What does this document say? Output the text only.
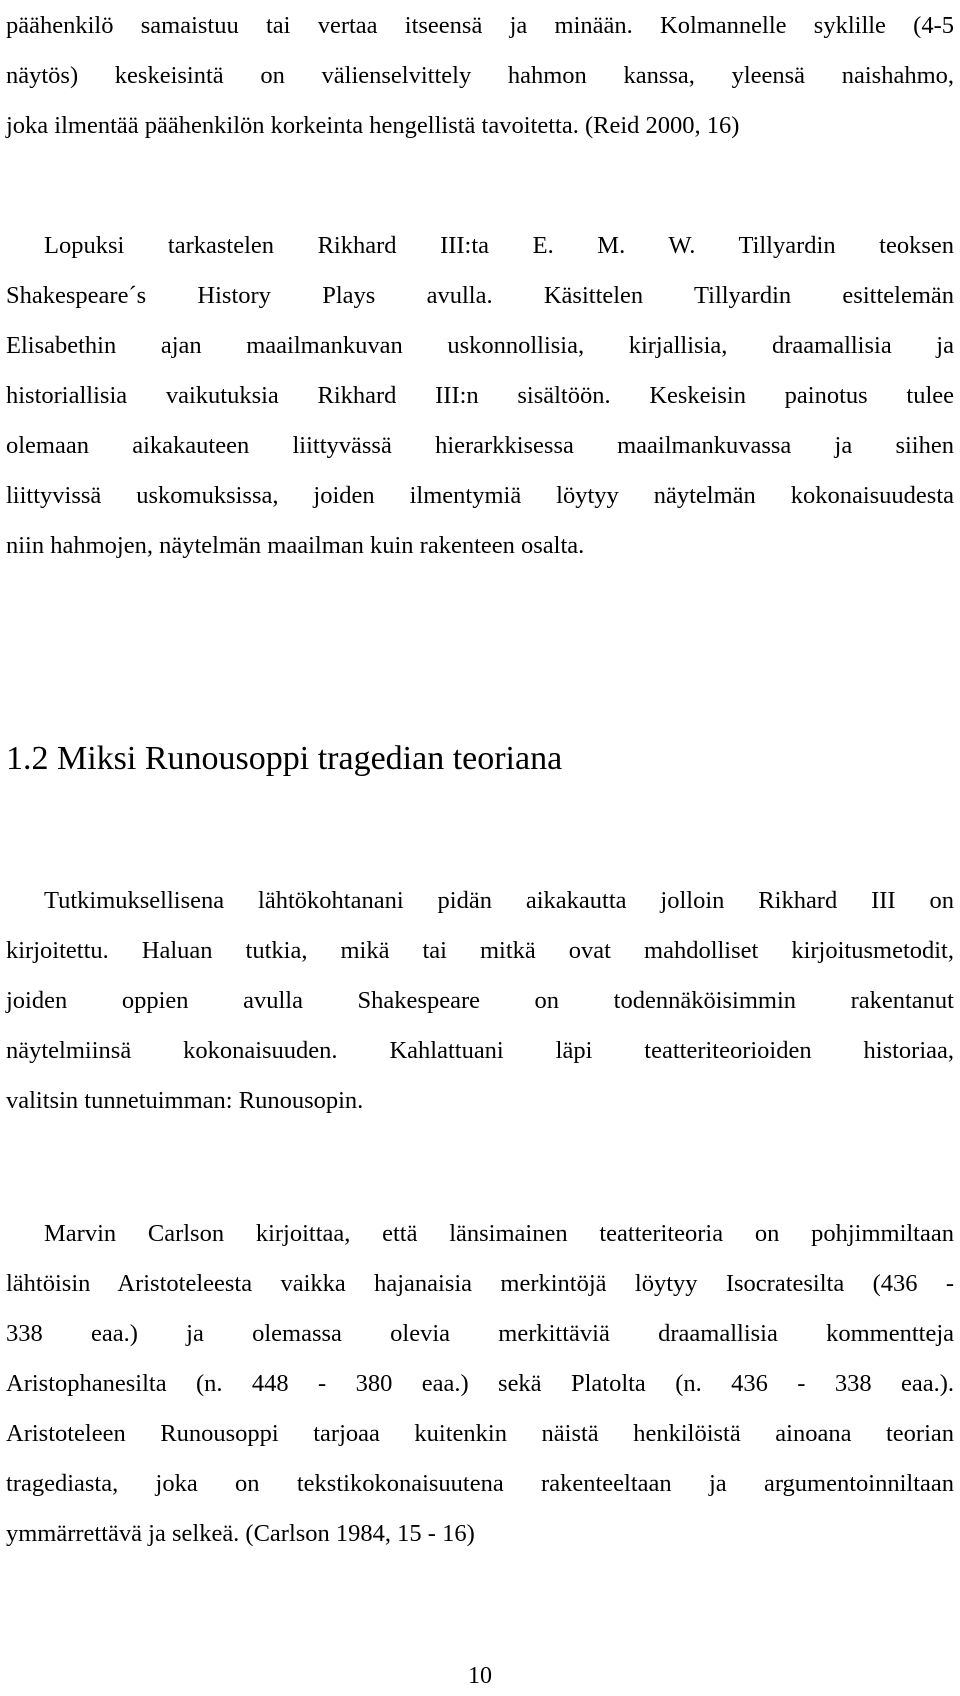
päähenkilö samaistuu tai vertaa itseensä ja minään. Kolmannelle syklille (4-5
näytös) keskeisintä on välienselvittely hahmon kanssa, yleensä naishahmo,
joka ilmentää päähenkilön korkeinta hengellistä tavoitetta. (Reid 2000, 16)
Lopuksi tarkastelen Rikhard III:ta E. M. W. Tillyardin teoksen
Shakespeare´s History Plays avulla. Käsittelen Tillyardin esittelemän
Elisabethin ajan maailmankuvan uskonnollisia, kirjallisia, draamallisia ja
historiallisia vaikutuksia Rikhard III:n sisältöön. Keskeisin painotus tulee
olemaan aikakauteen liittyvässä hierarkkisessa maailmankuvassa ja siihen
liittyvissä uskomuksissa, joiden ilmentymiä löytyy näytelmän kokonaisuudesta
niin hahmojen, näytelmän maailman kuin rakenteen osalta.
1.2 Miksi Runousoppi tragedian teoriana
Tutkimuksellisena lähtökohtanani pidän aikakautta jolloin Rikhard III on
kirjoitettu. Haluan tutkia, mikä tai mitkä ovat mahdolliset kirjoitusmetodit,
joiden oppien avulla Shakespeare on todennäköisimmin rakentanut
näytelmiinsä kokonaisuuden. Kahlattuani läpi teatteriteorioiden historiaa,
valitsin tunnetuimman: Runousopin.
Marvin Carlson kirjoittaa, että länsimainen teatteriteoria on pohjimmiltaan
lähtöisin Aristoteleesta vaikka hajanaisia merkintöjä löytyy Isocratesilta (436 -
338 eaa.) ja olemassa olevia merkittäviä draamallisia kommentteja
Aristophanesilta (n. 448 - 380 eaa.) sekä Platolta (n. 436 - 338 eaa.).
Aristoteleen Runousoppi tarjoaa kuitenkin näistä henkilöistä ainoana teorian
tragediasta, joka on tekstikokonaisuutena rakenteeltaan ja argumentoinniltaan
ymmärrettävä ja selkeä. (Carlson 1984, 15 - 16)
10
